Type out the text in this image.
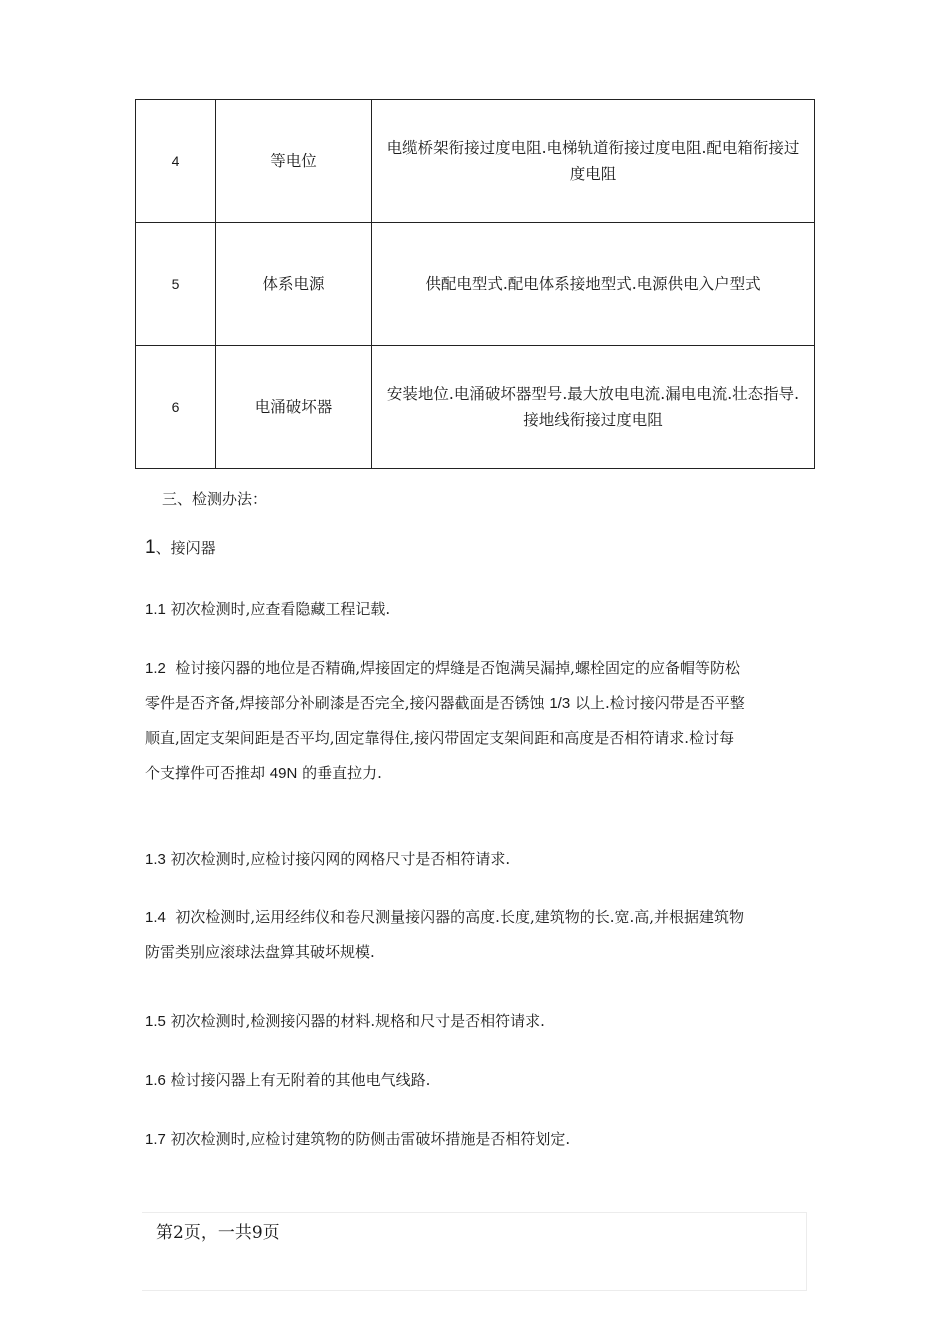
4	等电位	电缆桥架衔接过度电阻.电梯轨道衔接过度电阻.配电箱衔接过度电阻
5	体系电源	供配电型式.配电体系接地型式.电源供电入户型式
6	电涌破坏器	安装地位.电涌破坏器型号.最大放电电流.漏电电流.壮态指导.接地线衔接过度电阻
三、检测办法：
1、接闪器
1.1 初次检测时,应查看隐藏工程记载.
1.2 检讨接闪器的地位是否精确,焊接固定的焊缝是否饱满吴漏掉,螺栓固定的应备帽等防松
零件是否齐备,焊接部分补刷漆是否完全,接闪器截面是否锈蚀 1/3 以上.检讨接闪带是否平整
顺直,固定支架间距是否平均,固定靠得住,接闪带固定支架间距和高度是否相符请求.检讨每
个支撑件可否推却 49N 的垂直拉力.
1.3 初次检测时,应检讨接闪网的网格尺寸是否相符请求.
1.4 初次检测时,运用经纬仪和卷尺测量接闪器的高度.长度,建筑物的长.宽.高,并根据建筑物
防雷类别应滚球法盘算其破坏规模.
1.5 初次检测时,检测接闪器的材料.规格和尺寸是否相符请求.
1.6 检讨接闪器上有无附着的其他电气线路.
1.7 初次检测时,应检讨建筑物的防侧击雷破坏措施是否相符划定.
第2页，一共9页
